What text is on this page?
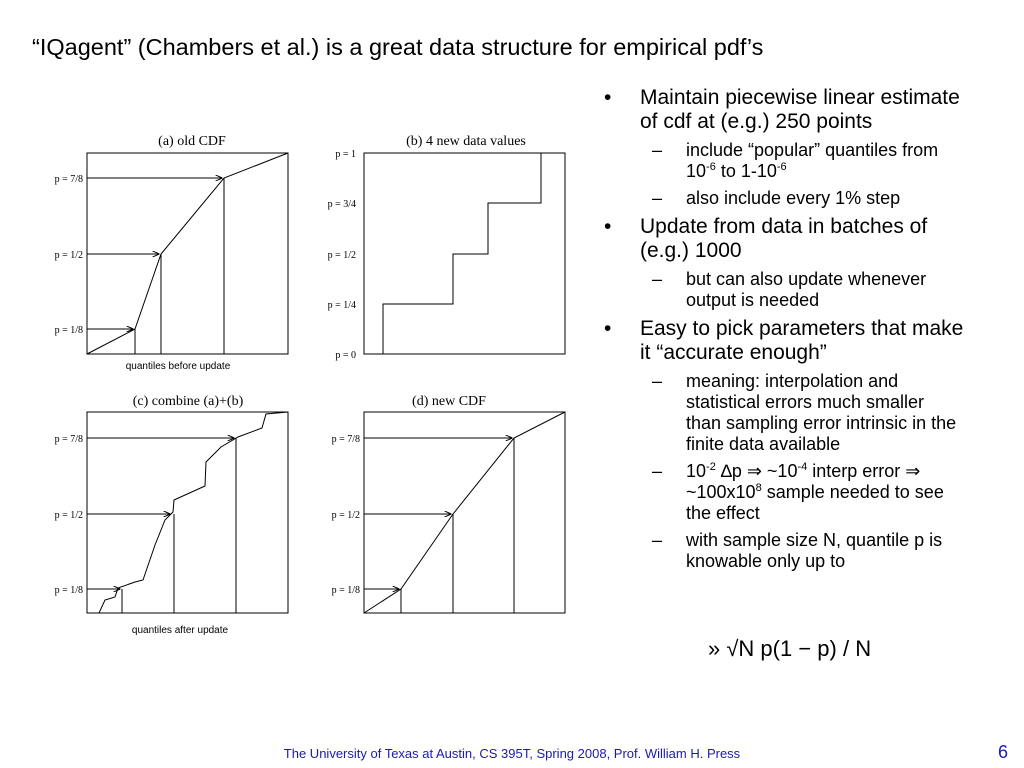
“IQagent” (Chambers et al.) is a great data structure for empirical pdf’s
(a) old CDF
p = 7/8
p = 1/2
p = 1/8
quantiles before update
(b) 4 new data values
p = 1
p = 3/4
p = 1/2
p = 1/4
p = 0
(c) combine (a)+(b)
p = 7/8
p = 1/2
p = 1/8
quantiles after update
(d) new CDF
p = 7/8
p = 1/2
p = 1/8
• Maintain piecewise linear estimate of cdf at (e.g.) 250 points
– include “popular” quantiles from $10^{-6}$ to $1-10^{-6}$
– also include every 1% step
• Update from data in batches of (e.g.) 1000
– but can also update whenever output is needed
• Easy to pick parameters that make it “accurate enough”
– meaning: interpolation and statistical errors much smaller than sampling error intrinsic in the finite data available
– $10^{-2}$ ∆p ⇒ $\sim 10^{-4}$ interp error ⇒ $\sim 100x10^8$ sample needed to see the effect
– with sample size N, quantile p is knowable only up to
» √N p(1 − p) / N
The University of Texas at Austin, CS 395T, Spring 2008, Prof. William H. Press	6
